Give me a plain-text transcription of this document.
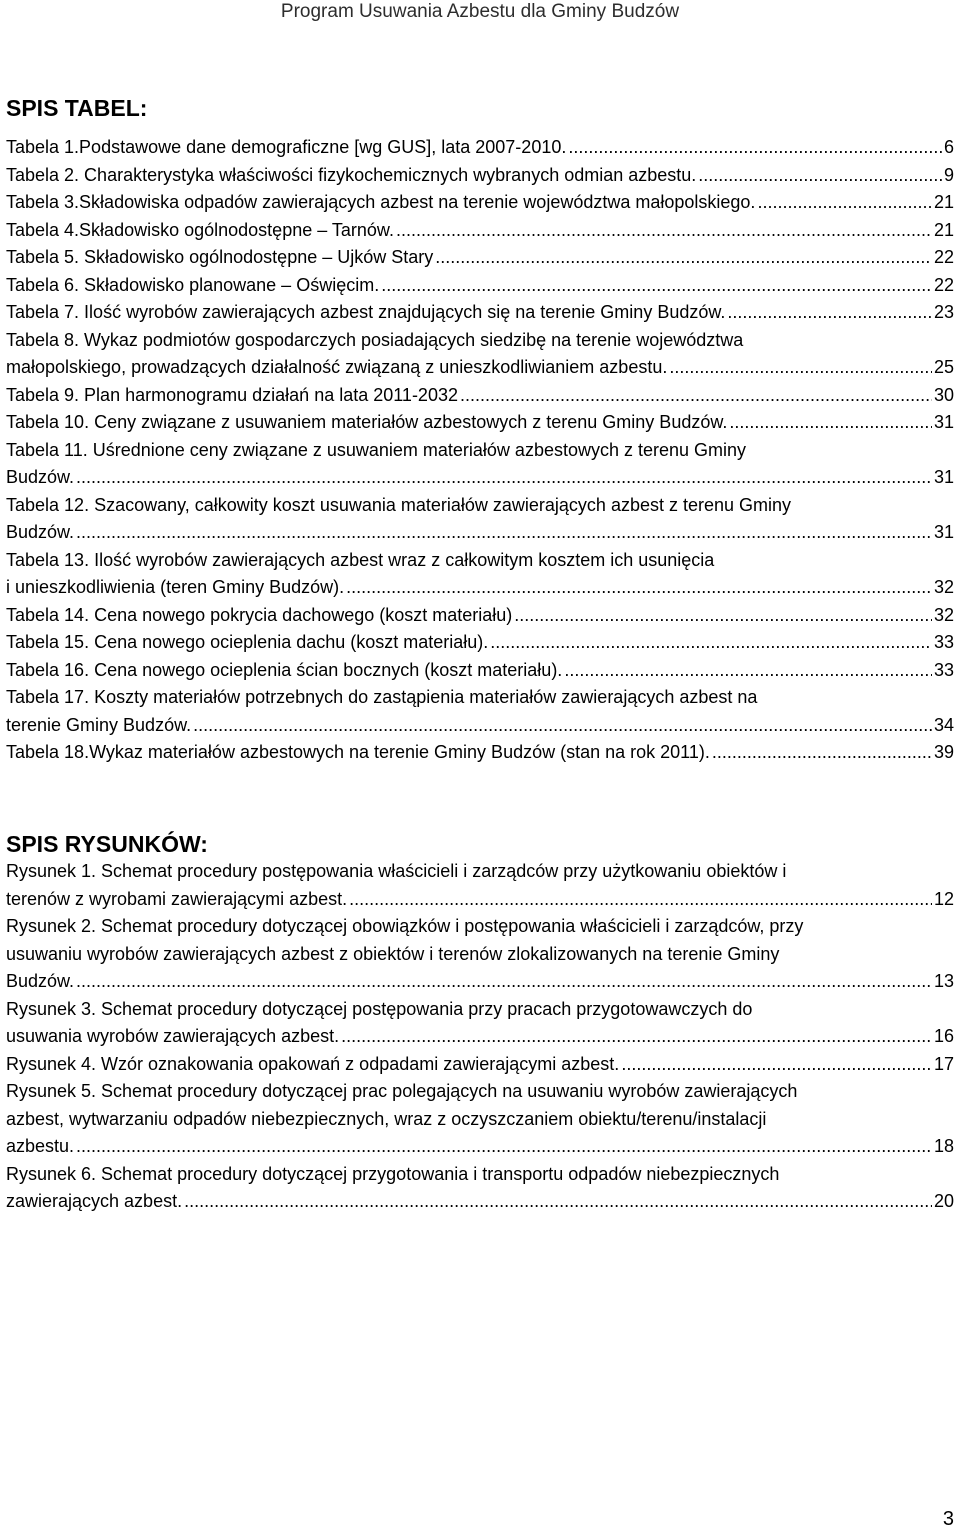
Program Usuwania Azbestu dla Gminy Budzów
SPIS TABEL:
Tabela 1.Podstawowe dane demograficzne [wg GUS], lata 2007-2010. .....	6
Tabela 2. Charakterystyka właściwości fizykochemicznych wybranych odmian azbestu. .....	9
Tabela 3.Składowiska odpadów zawierających azbest na terenie województwa małopolskiego. .....	21
Tabela 4.Składowisko ogólnodostępne – Tarnów. .....	21
Tabela 5. Składowisko ogólnodostępne – Ujków Stary .....	22
Tabela 6. Składowisko planowane – Oświęcim. .....	22
Tabela 7. Ilość wyrobów zawierających azbest znajdujących się na terenie Gminy Budzów. .....	23
Tabela 8. Wykaz podmiotów gospodarczych posiadających siedzibę na terenie województwa
małopolskiego, prowadzących działalność związaną z unieszkodliwianiem azbestu. .....	25
Tabela 9. Plan harmonogramu działań na lata 2011-2032 .....	30
Tabela 10. Ceny związane z usuwaniem materiałów azbestowych z terenu Gminy Budzów. .....	31
Tabela 11. Uśrednione ceny związane z usuwaniem materiałów azbestowych z terenu Gminy
Budzów. .....	31
Tabela 12. Szacowany, całkowity koszt usuwania materiałów zawierających azbest z terenu Gminy
Budzów. .....	31
Tabela 13. Ilość wyrobów zawierających azbest wraz z całkowitym kosztem ich usunięcia
i unieszkodliwienia (teren Gminy Budzów). .....	32
Tabela 14. Cena nowego pokrycia dachowego (koszt materiału) .....	32
Tabela 15. Cena nowego ocieplenia dachu (koszt materiału). .....	33
Tabela 16. Cena nowego ocieplenia ścian bocznych (koszt materiału). .....	33
Tabela 17. Koszty materiałów potrzebnych do zastąpienia materiałów zawierających azbest na
terenie Gminy Budzów. .....	34
Tabela 18.Wykaz materiałów azbestowych na terenie Gminy Budzów (stan na rok 2011). .....	39
SPIS RYSUNKÓW:
Rysunek 1. Schemat procedury postępowania właścicieli i zarządców przy użytkowaniu obiektów i
terenów z wyrobami zawierającymi azbest. .....	12
Rysunek 2. Schemat procedury dotyczącej obowiązków i postępowania właścicieli i zarządców, przy
usuwaniu wyrobów zawierających azbest z obiektów i terenów zlokalizowanych na terenie Gminy
Budzów. .....	13
Rysunek 3. Schemat procedury dotyczącej postępowania przy pracach przygotowawczych do
usuwania wyrobów zawierających azbest. .....	16
Rysunek 4. Wzór oznakowania opakowań z odpadami zawierającymi azbest. .....	17
Rysunek 5. Schemat procedury dotyczącej prac polegających na usuwaniu wyrobów zawierających
azbest, wytwarzaniu odpadów niebezpiecznych, wraz z oczyszczaniem obiektu/terenu/instalacji
azbestu. .....	18
Rysunek 6. Schemat procedury dotyczącej przygotowania i transportu odpadów niebezpiecznych
zawierających azbest. .....	20
3
